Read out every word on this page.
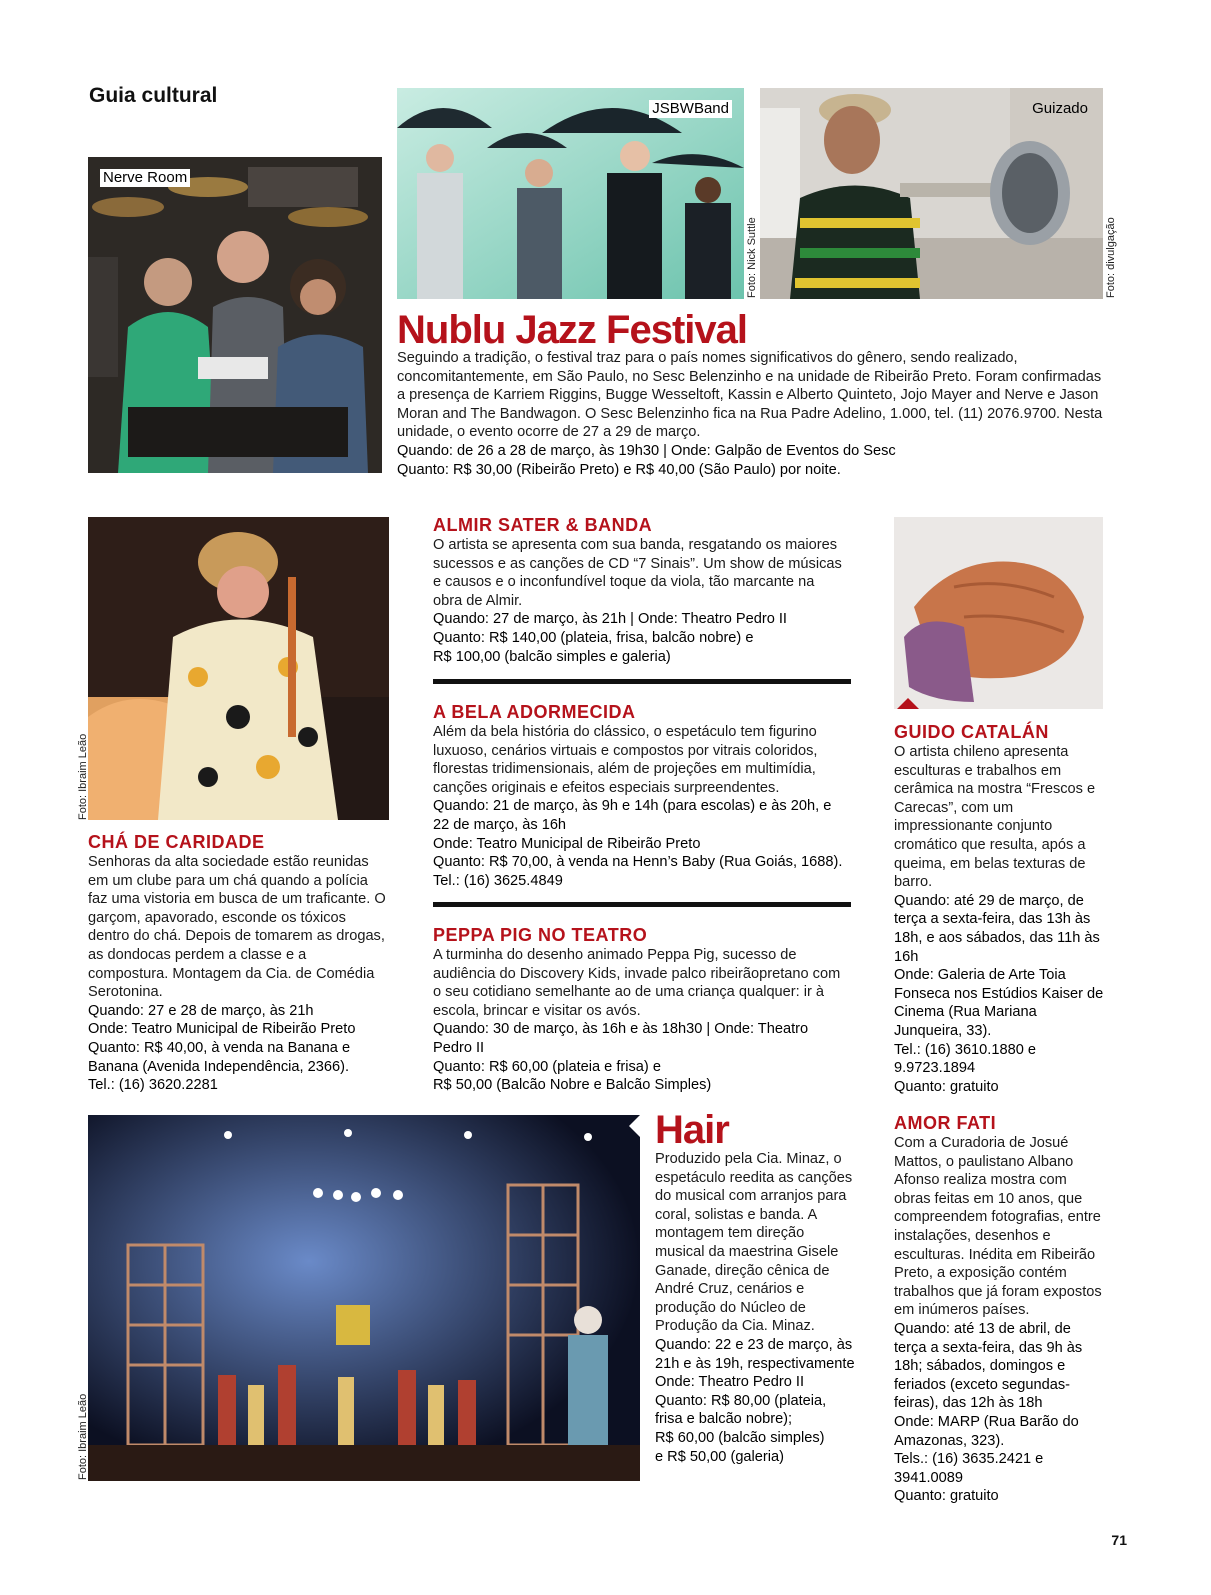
Guia cultural
Nerve Room
JSBWBand
Foto: Nick Suttle
Guizado
Foto: divulgação
Nublu Jazz Festival

Seguindo a tradição, o festival traz para o país nomes significativos do gênero, sendo realizado, concomitantemente, em São Paulo, no Sesc Belenzinho e na unidade de Ribeirão Preto. Foram confirmadas a presença de Karriem Riggins, Bugge Wesseltoft, Kassin e Alberto Quinteto, Jojo Mayer and Nerve e Jason Moran and The Bandwagon. O Sesc Belenzinho fica na Rua Padre Adelino, 1.000, tel. (11) 2076.9700. Nesta unidade, o evento ocorre de 27 a 29 de março.

Quando: de 26 a 28 de março, às 19h30 | Onde: Galpão de Eventos do Sesc

Quanto: R$ 30,00 (Ribeirão Preto) e R$ 40,00 (São Paulo) por noite.

Foto: Ibraim Leão
CHÁ DE CARIDADE

Senhoras da alta sociedade estão reunidas em um clube para um chá quando a polícia faz uma vistoria em busca de um traficante. O garçom, apavorado, esconde os tóxicos dentro do chá. Depois de tomarem as drogas, as dondocas perdem a classe e a compostura. Montagem da Cia. de Comédia Serotonina.

Quando: 27 e 28 de março, às 21h

Onde: Teatro Municipal de Ribeirão Preto

Quanto: R$ 40,00, à venda na Banana e Banana (Avenida Independência, 2366).

Tel.: (16) 3620.2281

ALMIR SATER & BANDA

O artista se apresenta com sua banda, resgatando os maiores sucessos e as canções de CD “7 Sinais”. Um show de músicas e causos e o inconfundível toque da viola, tão marcante na obra de Almir.

Quando: 27 de março, às 21h | Onde: Theatro Pedro II

Quanto: R$ 140,00 (plateia, frisa, balcão nobre) e

R$ 100,00 (balcão simples e galeria)

A BELA ADORMECIDA

Além da bela história do clássico, o espetáculo tem figurino luxuoso, cenários virtuais e compostos por vitrais coloridos, florestas tridimensionais, além de projeções em multimídia, canções originais e efeitos especiais surpreendentes.

Quando: 21 de março, às 9h e 14h (para escolas) e às 20h, e 22 de março, às 16h

Onde: Teatro Municipal de Ribeirão Preto

Quanto: R$ 70,00, à venda na Henn’s Baby (Rua Goiás, 1688).

Tel.: (16) 3625.4849

PEPPA PIG NO TEATRO

A turminha do desenho animado Peppa Pig, sucesso de audiência do Discovery Kids, invade palco ribeirãopretano com o seu cotidiano semelhante ao de uma criança qualquer: ir à escola, brincar e visitar os avós.

Quando: 30 de março, às 16h e às 18h30 | Onde: Theatro Pedro II

Quanto: R$ 60,00 (plateia e frisa) e

R$ 50,00 (Balcão Nobre e Balcão Simples)

GUIDO CATALÁN

O artista chileno apresenta esculturas e trabalhos em cerâmica na mostra “Frescos e Carecas”, com um impressionante conjunto cromático que resulta, após a queima, em belas texturas de barro.

Quando: até 29 de março, de terça a sexta-feira, das 13h às 18h, e aos sábados, das 11h às 16h

Onde: Galeria de Arte Toia Fonseca nos Estúdios Kaiser de Cinema (Rua Mariana Junqueira, 33).

Tel.: (16) 3610.1880 e 9.9723.1894

Quanto: gratuito

Foto: Ibraim Leão
Hair

Produzido pela Cia. Minaz, o espetáculo reedita as canções do musical com arranjos para coral, solistas e banda. A montagem tem direção musical da maestrina Gisele Ganade, direção cênica de André Cruz, cenários e produção do Núcleo de Produção da Cia. Minaz.

Quando: 22 e 23 de março, às 21h e às 19h, respectivamente

Onde: Theatro Pedro II

Quanto: R$ 80,00 (plateia, frisa e balcão nobre);

R$ 60,00 (balcão simples)

e R$ 50,00 (galeria)

AMOR FATI

Com a Curadoria de Josué Mattos, o paulistano Albano Afonso realiza mostra com obras feitas em 10 anos, que compreendem fotografias, entre instalações, desenhos e esculturas. Inédita em Ribeirão Preto, a exposição contém trabalhos que já foram expostos em inúmeros países.

Quando: até 13 de abril, de terça a sexta-feira, das 9h às 18h; sábados, domingos e feriados (exceto segundas-feiras), das 12h às 18h

Onde: MARP (Rua Barão do Amazonas, 323).

Tels.: (16) 3635.2421 e 3941.0089

Quanto: gratuito

71
